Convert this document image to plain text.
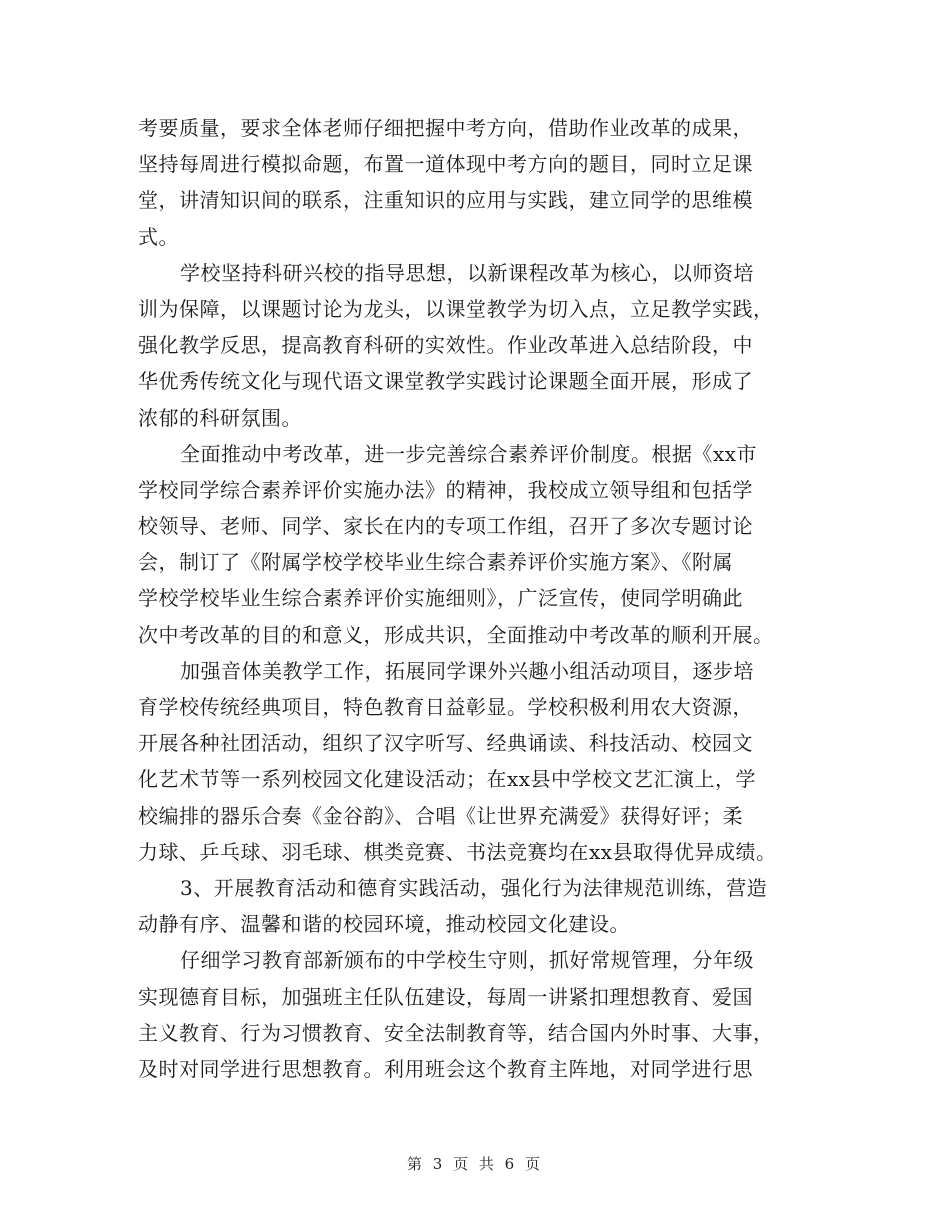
考要质量，要求全体老师仔细把握中考方向，借助作业改革的成果，
坚持每周进行模拟命题，布置一道体现中考方向的题目，同时立足课
堂，讲清知识间的联系，注重知识的应用与实践，建立同学的思维模
式。
学校坚持科研兴校的指导思想，以新课程改革为核心，以师资培
训为保障，以课题讨论为龙头，以课堂教学为切入点，立足教学实践，
强化教学反思，提高教育科研的实效性。作业改革进入总结阶段，中
华优秀传统文化与现代语文课堂教学实践讨论课题全面开展，形成了
浓郁的科研氛围。
全面推动中考改革，进一步完善综合素养评价制度。根据《xx市
学校同学综合素养评价实施办法》的精神，我校成立领导组和包括学
校领导、老师、同学、家长在内的专项工作组，召开了多次专题讨论
会，制订了《附属学校学校毕业生综合素养评价实施方案》、《附属
学校学校毕业生综合素养评价实施细则》，广泛宣传，使同学明确此
次中考改革的目的和意义，形成共识，全面推动中考改革的顺利开展。
加强音体美教学工作，拓展同学课外兴趣小组活动项目，逐步培
育学校传统经典项目，特色教育日益彰显。学校积极利用农大资源，
开展各种社团活动，组织了汉字听写、经典诵读、科技活动、校园文
化艺术节等一系列校园文化建设活动；在xx县中学校文艺汇演上，学
校编排的器乐合奏《金谷韵》、合唱《让世界充满爱》获得好评；柔
力球、乒乓球、羽毛球、棋类竞赛、书法竞赛均在xx县取得优异成绩。
3、开展教育活动和德育实践活动，强化行为法律规范训练，营造
动静有序、温馨和谐的校园环境，推动校园文化建设。
仔细学习教育部新颁布的中学校生守则，抓好常规管理，分年级
实现德育目标，加强班主任队伍建设，每周一讲紧扣理想教育、爱国
主义教育、行为习惯教育、安全法制教育等，结合国内外时事、大事，
及时对同学进行思想教育。利用班会这个教育主阵地，对同学进行思
第 3 页 共 6 页
